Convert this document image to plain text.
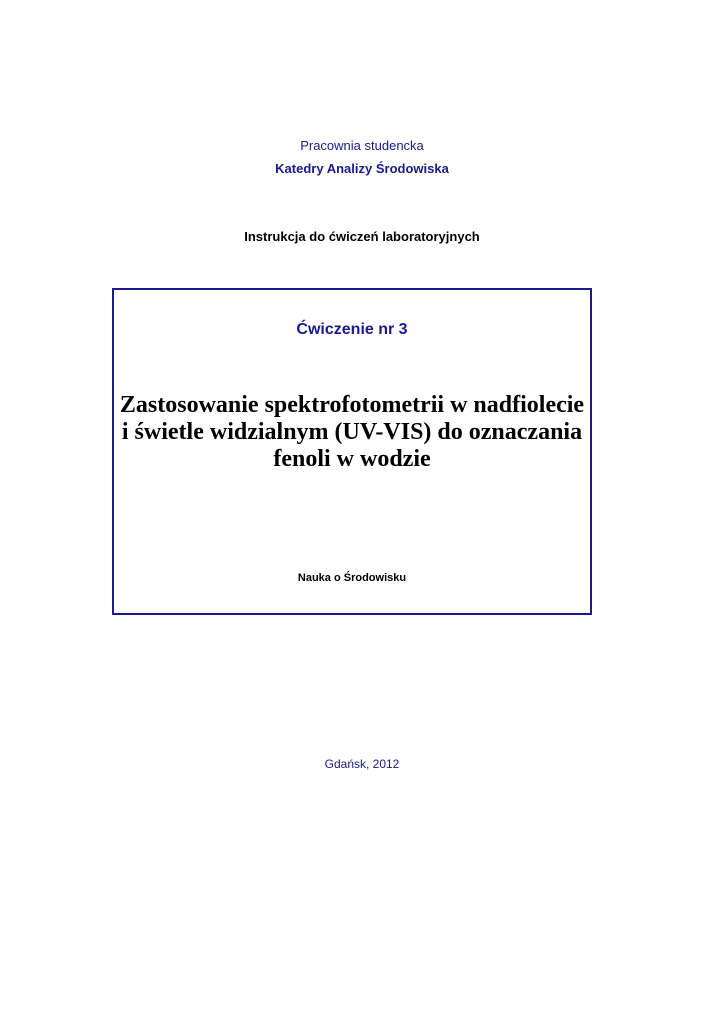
Pracownia studencka
Katedry Analizy Środowiska
Instrukcja do ćwiczeń laboratoryjnych
Ćwiczenie nr 3
Zastosowanie spektrofotometrii w nadfiolecie
i świetle widzialnym (UV-VIS) do oznaczania
fenoli w wodzie
Nauka o Środowisku
Gdańsk, 2012
